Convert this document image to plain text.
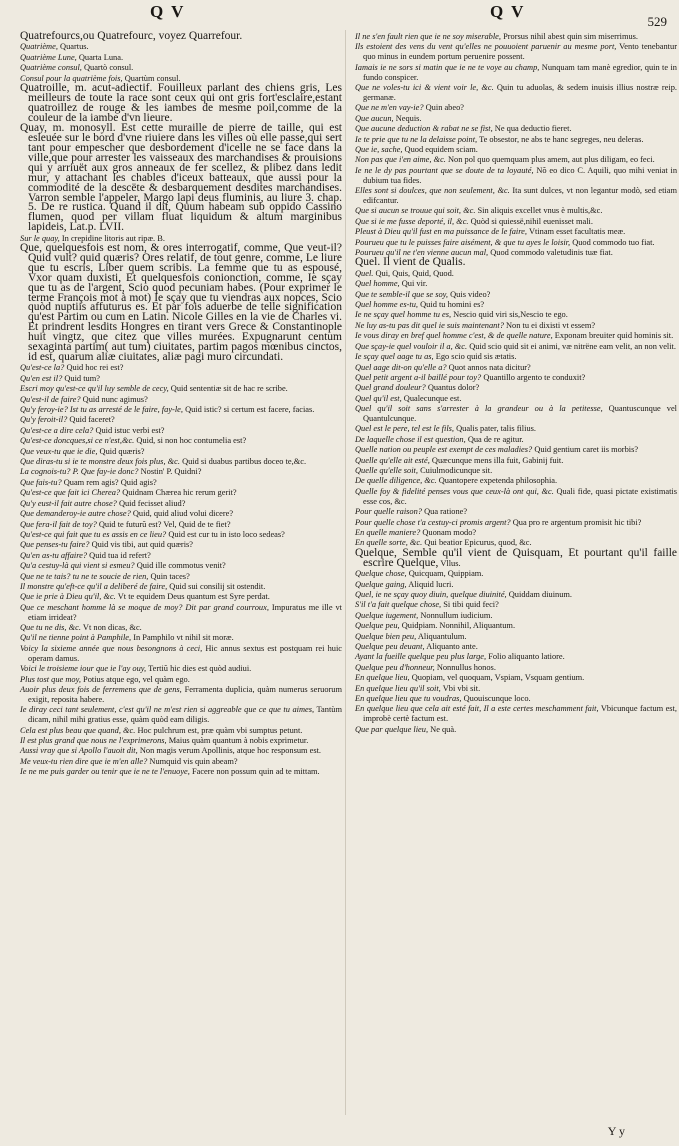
Q V	Q V
529
Quatrefourcs,ou Quatrefourc, voyez Quarrefour.
Quatrième, Quartus.
Quatrième Lune, Quarta Luna.
Quatrième consul, Quartò consul.
Consul pour la quatrième fois, Quartùm consul.
Quatroille, m. acut-adiectif. Fouilleux parlant des chiens gris, Les meilleurs de toute la race sont ceux qui ont gris fort'esclaire,estant quatroillez de rouge & les iambes de mesme poil,comme de la couleur de la iambe d'vn lieure.
Quay, m. monosyll. Est cette muraille de pierre de taille, qui est esleuée sur le bord d'vne riuiere dans les villes où elle passe,qui sert tant pour empescher que desbordement d'icelle ne se face dans la ville,que pour arrester les vaisseaux des marchandises & prouisions qui y arriuët aux gros anneaux de fer scellez, & plibez dans ledit mur, y attachant les chables d'iceux batteaux, que aussi pour la commodité de la descëte & desbarquement desdites marchandises. Varron semble l'appeler, Margo lapi deus fluminis, au liure 3. chap. 5. De re rustica. Quand il dit, Quum habeam sub oppido Cassino flumen, quod per villam fluat liquidum & altum marginibus lapideis, Lat.p. LVII.
Sur le quay, In crepidine litoris aut ripæ. B.
Que, quelquesfois est nom, & ores interrogatif, comme, Que veut-il? Quid vult? quid quæris? Ores relatif, de tout genre, comme, Le liure que tu escris, Liber quem scribis. La femme que tu as espousé, Vxor quam duxisti, Et quelquesfois conionction, comme, Ie sçay que tu as de l'argent, Scio quod pecuniam habes. (Pour exprimer le terme François mot à mot) Ie sçay que tu viendras aux nopces, Scio quòd nuptiis affuturus es. Et par fois aduerbe de telle signification qu'est Partim ou cum en Latin. Nicole Gilles en la vie de Charles vi. Et prindrent lesdits Hongres en tirant vers Grece & Constantinople huit vingtz, que citez que villes murées. Expugnarunt centum sexaginta partim( aut tum) ciuitates, partim pagos mœnibus cinctos, id est, quarum aliæ ciuitates, aliæ pagi muro circundati.
Qu'est-ce la? Quid hoc rei est?
Qu'en est il? Quid tum?
Escri moy qu'est-ce qu'il luy semble de cecy, Quid sententiæ sit de hac re scribe.
Qu'est-il de faire? Quid nunc agimus?
Qu'y feroy-ie? Ist tu as arresté de le faire, fay-le, Quid istic? si certum est facere, facias.
Qu'y feroit-il? Quid faceret?
Qu'est-ce a dire cela? Quid istuc verbi est?
Qu'est-ce doncques,si ce n'est,&c. Quid, si non hoc contumelia est?
Que veux-tu que ie die, Quid quæris?
Que diras-tu si ie te monstre deux fois plus, &c. Quid si duabus partibus doceo te,&c.
La cognois-tu? P. Que fay-ie donc? Nostin' P. Quidni?
Que fais-tu? Quam rem agis? Quid agis?
Qu'est-ce que fait ici Cherea? Quidnam Chærea hic rerum gerit?
Qu'y eust-il fait autre chose? Quid fecisset aliud?
Que demanderoy-ie autre chose? Quid, quid aliud volui dicere?
Que fera-il fait de toy? Quid te futurũ est? Vel, Quid de te fiet?
Qu'est-ce qui fait que tu es assis en ce lieu? Quid est cur tu in isto loco sedeas?
Que penses-tu faire? Quid vis tibi, aut quid quæris?
Qu'en as-tu affaire? Quid tua id refert?
Qu'a cestuy-là qui vient si esmeu? Quid ille commotus venit?
Que ne te tais? tu ne te soucie de rien, Quin taces?
Il monstre qu'eft-ce qu'il a deliberé de faire, Quid sui consilij sit ostendit.
Que ie prie à Dieu qu'il, &c. Vt te equidem Deus quantum est Syre perdat.
Que ce meschant homme là se moque de moy? Dit par grand courroux, Impuratus me ille vt etiam irrideat?
Que tu ne dis, &c. Vt non dicas, &c.
Qu'il ne tienne point à Pamphile, In Pamphilo vt nihil sit moræ.
Voicy la sixieme année que nous besongnons à ceci, Hic annus sextus est postquam rei huic operam damus.
Voici le troisieme iour que ie l'ay ouy, Tertiũ hic dies est quòd audiui.
Plus tost que moy, Potius atque ego, vel quàm ego.
Auoir plus deux fois de ferremens que de gens, Ferramenta duplicia, quàm numerus seruorum exigit, reposita habere.
Ie diray ceci tant seulement, c'est qu'il ne m'est rien si aggreable que ce que tu aimes, Tantùm dicam, nihil mihi gratius esse, quàm quòd eam diligis.
Cela est plus beau que quand, &c. Hoc pulchrum est, præ quàm vbi sumptus petunt.
Il est plus grand que nous ne l'exprimerons, Maius quàm quantum à nobis exprimetur.
Aussi vray que si Apollo l'auoit dit, Non magis verum Apollinis, atque hoc responsum est.
Me veux-tu rien dire que ie m'en alle? Numquid vis quin abeam?
Ie ne me puis garder ou tenir que ie ne te l'enuoye, Facere non possum quin ad te mittam.
Il ne s'en fault rien que ie ne soy miserable, Prorsus nihil abest quin sim miserrimus.
Ils estoient des vens du vent qu'elles ne pouuoient paruenir au mesme port, Vento tenebantur quo minus in eundem portum peruenire possent.
Iamais ie ne sors si matin que ie ne te voye au champ, Nunquam tam manè egredior, quin te in fundo conspicer.
Que ne voles-tu ici & vient voir le, &c. Quin tu aduolas, & sedem inuisis illius nostræ reip. germanæ.
Que ne m'en vay-ie? Quin abeo?
Que aucun, Nequis.
Que aucune deduction & rabat ne se fist, Ne qua deductio fieret.
Ie te prie que tu ne la delaisse point, Te obsestor, ne abs te hanc segreges, neu deleras.
Que ie, sache, Quod equidem sciam.
Non pas que i'en aime, &c. Non pol quo quemquam plus amem, aut plus diligam, eo feci.
Ie ne le dy pas pourtant que se doute de ta loyauté, Nõ eo dico C. Aquili, quo mihi veniat in dubium tua fides.
Elles sont si doulces, que non seulement, &c. Ita sunt dulces, vt non legantur modò, sed etiam edifcantur.
Que si aucun se trouue qui soit, &c. Sin aliquis excellet vnus è multis,&c.
Que si ie me fusse deporté, il, &c. Quòd si quiessë,nihil euenisset mali.
Pleust à Dieu qu'il fust en ma puissance de le faire, Vtinam esset facultatis meæ.
Pourueu que tu le puisses faire aisément, & que tu ayes le loisir, Quod commodo tuo fiat.
Pourueu qu'il ne t'en vienne aucun mal, Quod commodo valetudinis tuæ fiat.
Quel. Il vient de Qualis.
Quel. Qui, Quis, Quid, Quod.
Quel homme, Qui vir.
Que te semble-il que se soy, Quis video?
Quel homme es-tu, Quid tu homini es?
Ie ne sçay quel homme tu es, Nescio quid viri sis,Nescio te ego.
Ne luy as-tu pas dit quel ie suis maintenant? Non tu ei dixisti vt essem?
Ie vous diray en bref quel homme c'est, & de quelle nature, Exponam breuiter quid hominis sit.
Que sçay-ie quel vouloir il a, &c. Quid scio quid sit ei animi, væ nitrëne eam velit, an non velit.
Ie sçay quel aage tu as, Ego scio quid sis ætatis.
Quel aage dit-on qu'elle a? Quot annos nata dicitur?
Quel petit argent a-il baillé pour toy? Quantillo argento te conduxit?
Quel grand douleur? Quantus dolor?
Quel qu'il est, Qualecunque est.
Quel qu'il soit sans s'arrester à la grandeur ou à la petitesse, Quantuscunque vel Quantulcunque.
Quel est le pere, tel est le fils, Qualis pater, talis filius.
De laquelle chose il est question, Qua de re agitur.
Quelle nation ou peuple est exempt de ces maladies? Quid gentium caret iis morbis?
Quelle qu'elle ait esté, Quæcunque mens illa fuit, Gabinij fuit.
Quelle qu'elle soit, Cuiulmodicunque sit.
De quelle diligence, &c. Quantopere expetenda philosophia.
Quelle foy & fidelité penses vous que ceux-là ont qui, &c. Quali fide, quasi pictate existimatis esse cos, &c.
Pour quelle raison? Qua ratione?
Pour quelle chose t'a cestuy-ci promis argent? Qua pro re argentum promisit hic tibi?
En quelle maniere? Quonam modo?
En quelle sorte, &c. Qui beatior Epicurus, quod, &c.
Quelque, Semble qu'il vient de Quisquam, Et pourtant qu'il faille escrire Quelque, Vllus.
Quelque chose, Quicquam, Quippiam.
Quelque gaing, Aliquid lucri.
Quel, ie ne sçay quoy diuin, quelque diuinité, Quiddam diuinum.
S'il t'a fait quelque chose, Si tibi quid feci?
Quelque iugement, Nonnullum iudicium.
Quelque peu, Quidpiam. Nonnihil, Aliquantum.
Quelque bien peu, Aliquantulum.
Quelque peu deuant, Aliquanto ante.
Ayant la fueille quelque peu plus large, Folio aliquanto latiore.
Quelque peu d'honneur, Nonnullus honos.
En quelque lieu, Quopiam, vel quoquam, Vspiam, Vsquam gentium.
En quelque lieu qu'il soit, Vbi vbi sit.
En quelque lieu que tu voudras, Quouiscunque loco.
En quelque lieu que cela ait esté fait, Il a este certes meschamment fait, Vbicunque factum est, improbè certè factum est.
Que par quelque lieu, Ne quà.
Y y
